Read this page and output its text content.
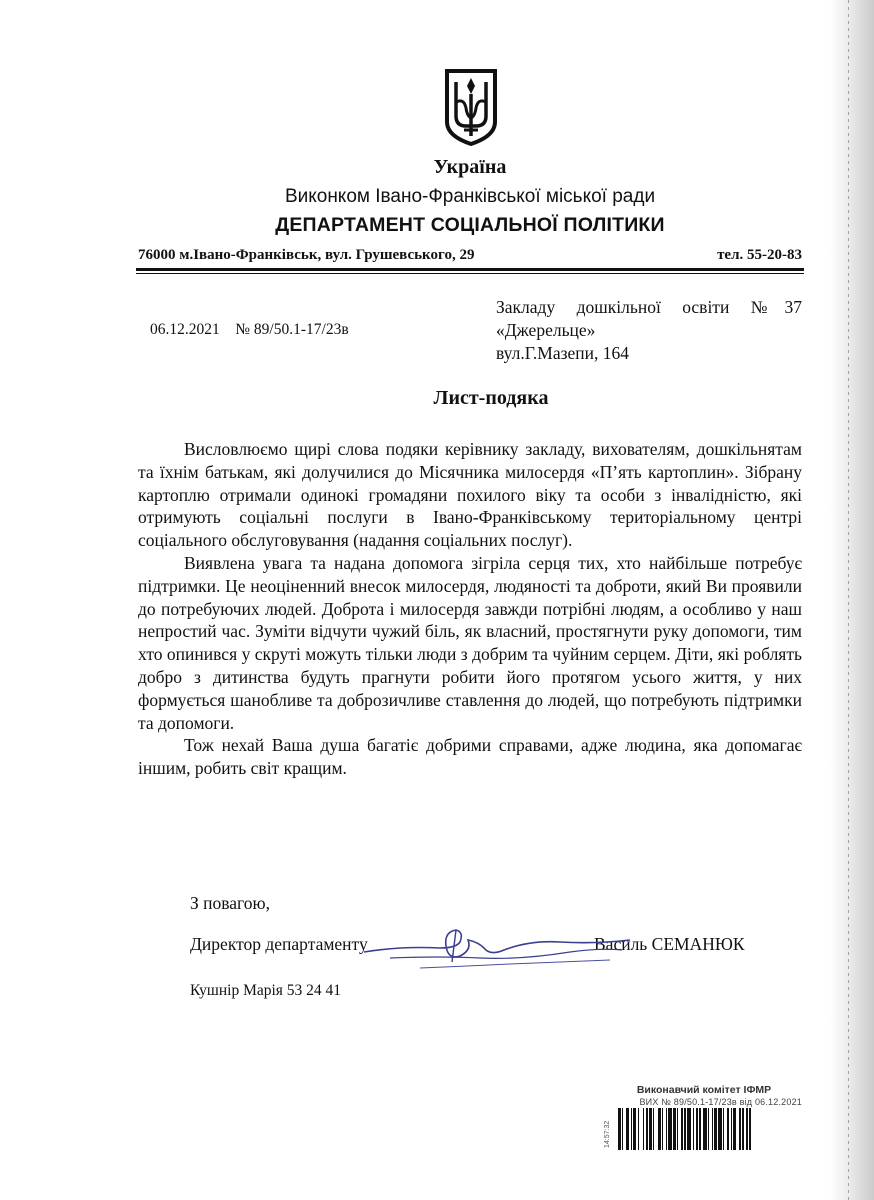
Україна
Виконком Івано-Франківської міської ради
ДЕПАРТАМЕНТ СОЦІАЛЬНОЇ ПОЛІТИКИ
76000 м.Івано-Франківськ, вул. Грушевського, 29	тел. 55-20-83
06.12.2021 № 89/50.1-17/23в
Закладу дошкільної освіти №37
«Джерельце»
вул.Г.Мазепи, 164
Лист-подяка

Висловлюємо щирі слова подяки керівнику закладу, вихователям, дошкільнятам та їхнім батькам, які долучилися до Місячника милосердя «П’ять картоплин». Зібрану картоплю отримали одинокі громадяни похилого віку та особи з інвалідністю, які отримують соціальні послуги в Івано-Франківському територіальному центрі соціального обслуговування (надання соціальних послуг).

Виявлена увага та надана допомога зігріла серця тих, хто найбільше потребує підтримки. Це неоціненний внесок милосердя, людяності та доброти, який Ви проявили до потребуючих людей. Доброта і милосердя завжди потрібні людям, а особливо у наш непростий час. Зуміти відчути чужий біль, як власний, простягнути руку допомоги, тим хто опинився у скруті можуть тільки люди з добрим та чуйним серцем. Діти, які роблять добро з дитинства будуть прагнути робити його протягом усього життя, у них формується шанобливе та доброзичливе ставлення до людей, що потребують підтримки та допомоги.

Тож нехай Ваша душа багатіє добрими справами, адже людина, яка допомагає іншим, робить світ кращим.

З повагою,
Директор департаменту	Василь СЕМАНЮК
Кушнір Марія 53 24 41
Виконавчий комітет ІФМР
ВИХ № 89/50.1-17/23в від 06.12.2021
14:57:32
